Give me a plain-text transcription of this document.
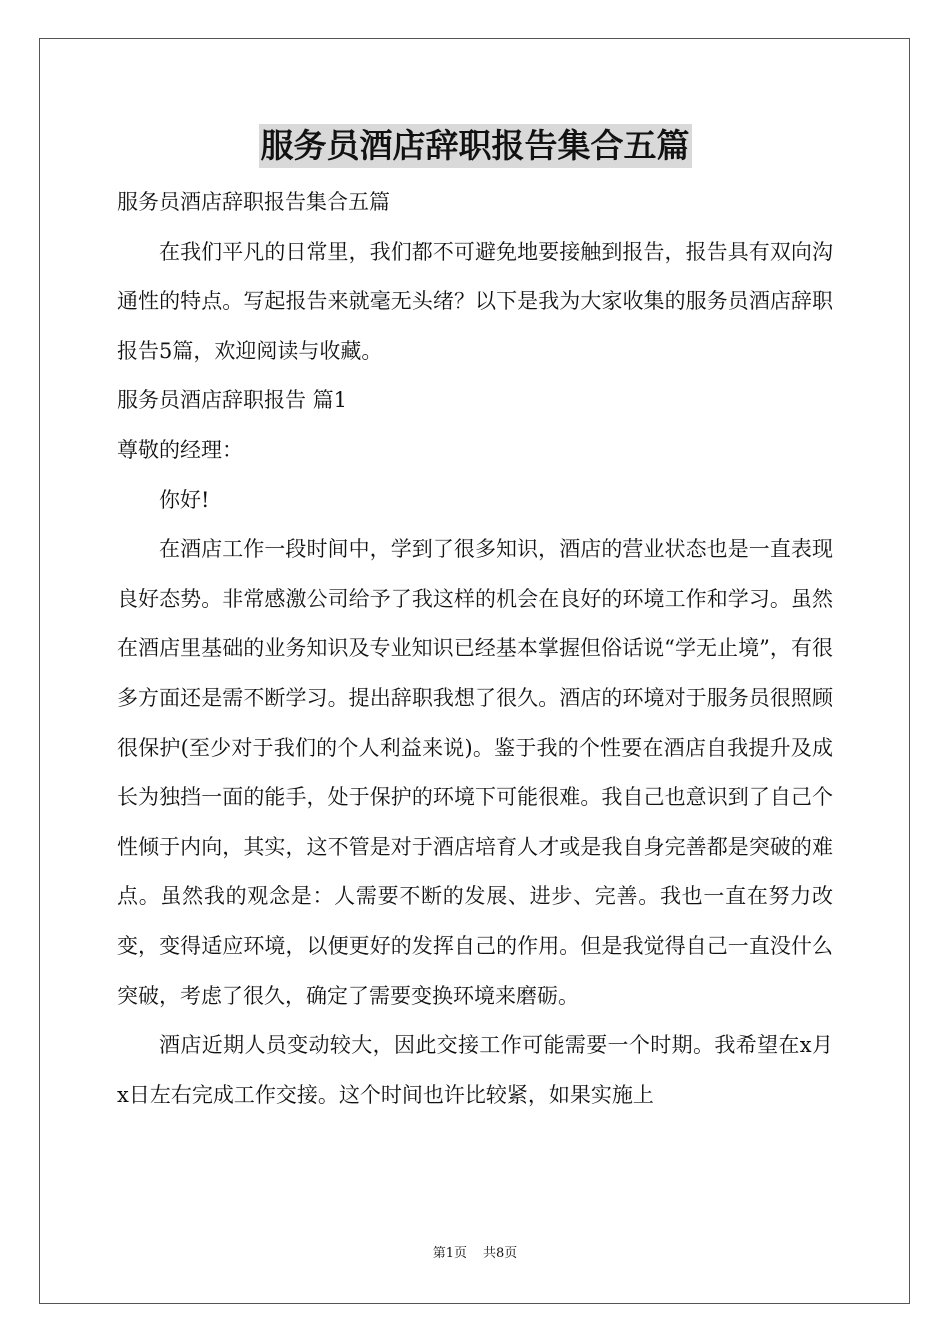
服务员酒店辞职报告集合五篇

服务员酒店辞职报告集合五篇

在我们平凡的日常里，我们都不可避免地要接触到报告，报告具有双向沟通性的特点。写起报告来就毫无头绪？以下是我为大家收集的服务员酒店辞职报告5篇，欢迎阅读与收藏。

服务员酒店辞职报告 篇1

尊敬的经理：

你好!

在酒店工作一段时间中，学到了很多知识，酒店的营业状态也是一直表现良好态势。非常感激公司给予了我这样的机会在良好的环境工作和学习。虽然在酒店里基础的业务知识及专业知识已经基本掌握但俗话说“学无止境”，有很多方面还是需不断学习。提出辞职我想了很久。酒店的环境对于服务员很照顾很保护(至少对于我们的个人利益来说)。鉴于我的个性要在酒店自我提升及成长为独挡一面的能手，处于保护的环境下可能很难。我自己也意识到了自己个性倾于内向，其实，这不管是对于酒店培育人才或是我自身完善都是突破的难点。虽然我的观念是：人需要不断的发展、进步、完善。我也一直在努力改变，变得适应环境，以便更好的发挥自己的作用。但是我觉得自己一直没什么突破，考虑了很久，确定了需要变换环境来磨砺。

酒店近期人员变动较大，因此交接工作可能需要一个时期。我希望在x月x日左右完成工作交接。这个时间也许比较紧，如果实施上

第1页 共8页
